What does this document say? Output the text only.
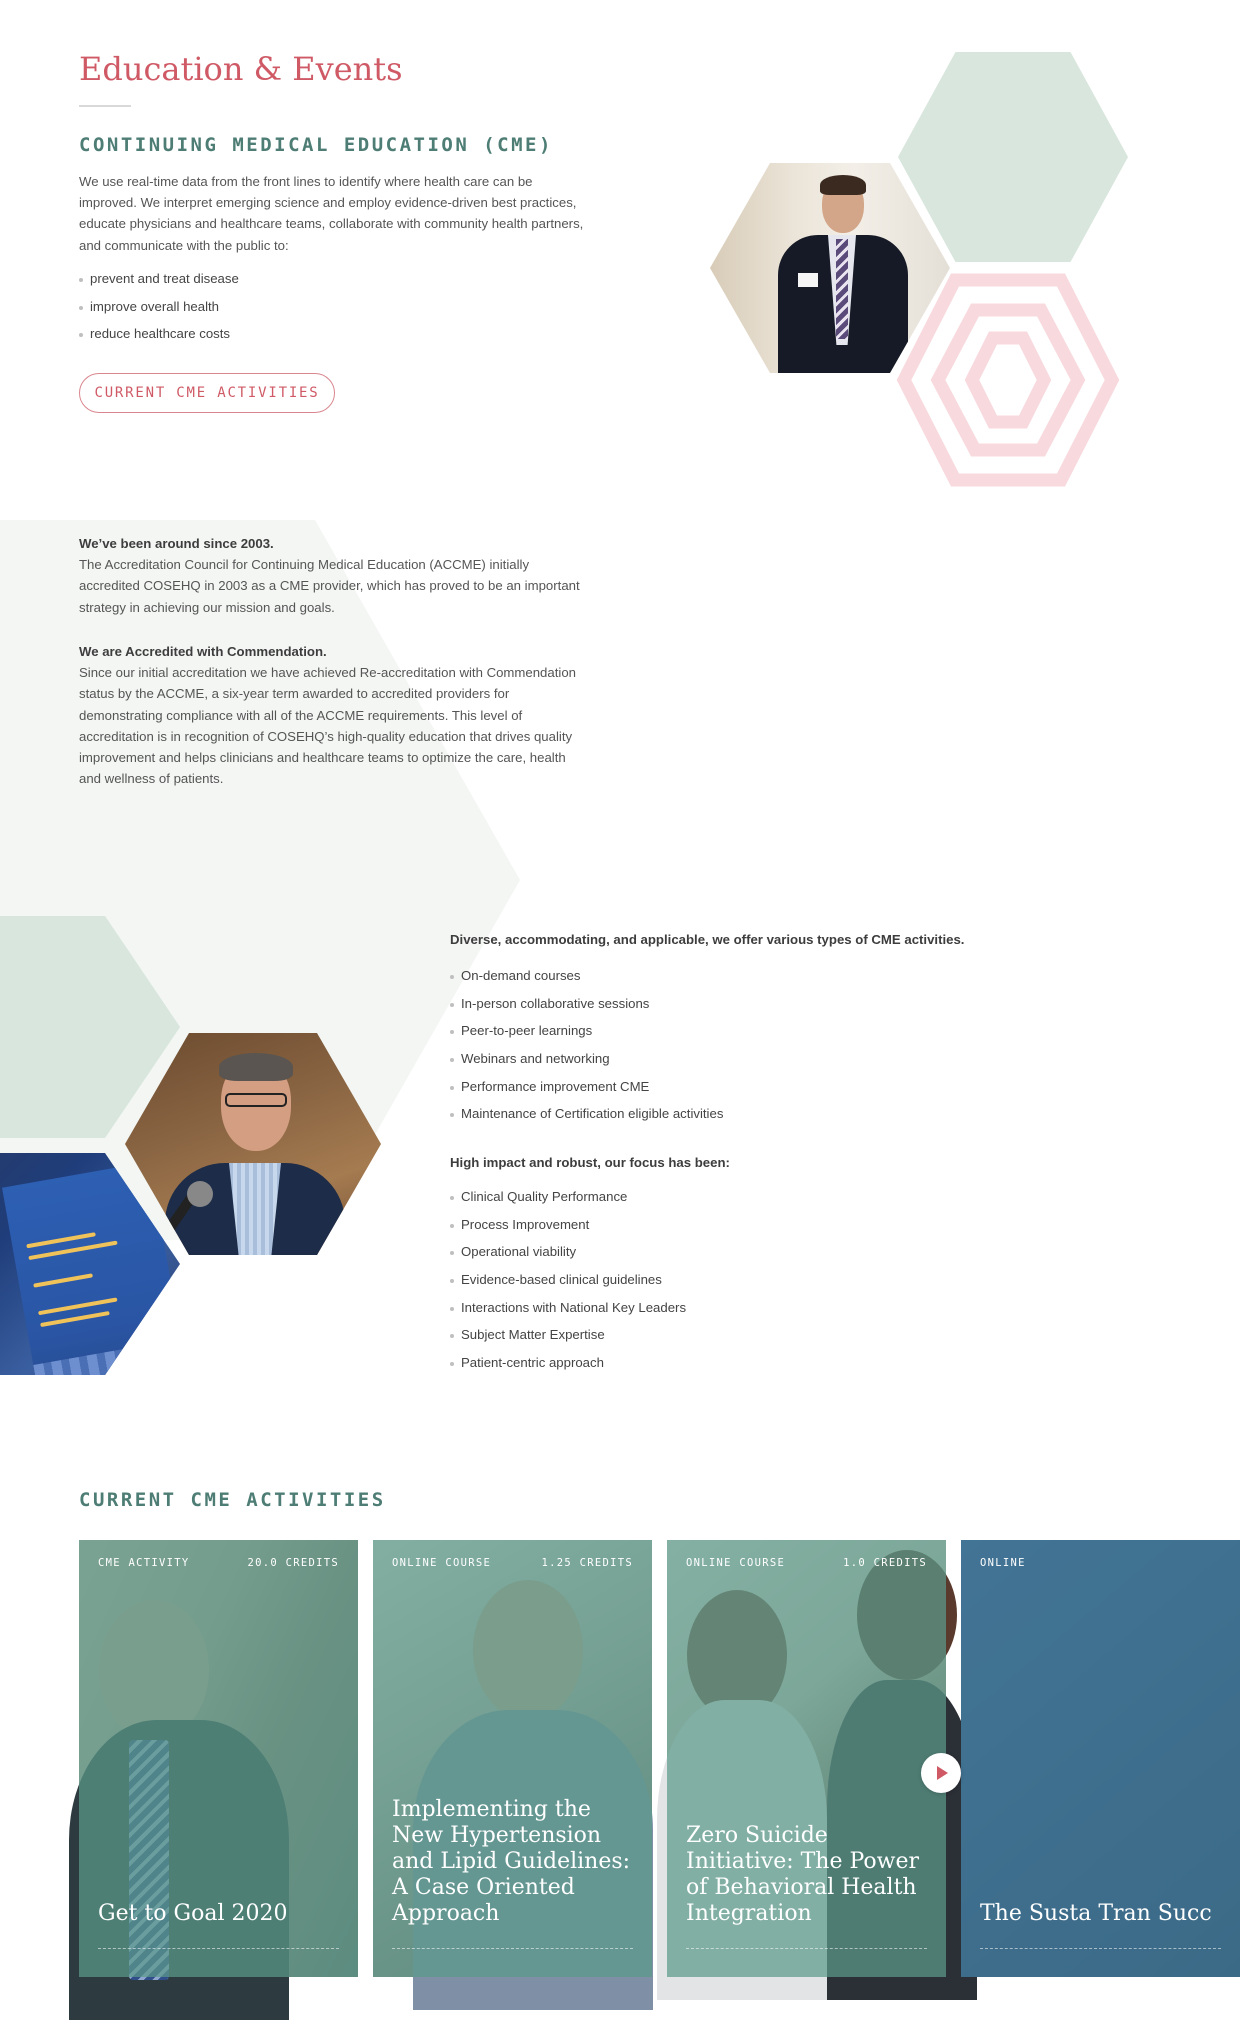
Education & Events
CONTINUING MEDICAL EDUCATION (CME)

We use real-time data from the front lines to identify where health care can be improved. We interpret emerging science and employ evidence-driven best practices, educate physicians and healthcare teams, collaborate with community health partners, and communicate with the public to:

prevent and treat disease
improve overall health
reduce healthcare costs
CURRENT CME ACTIVITIES
We’ve been around since 2003.
The Accreditation Council for Continuing Medical Education (ACCME) initially accredited COSEHQ in 2003 as a CME provider, which has proved to be an important strategy in achieving our mission and goals.
We are Accredited with Commendation.
Since our initial accreditation we have achieved Re-accreditation with Commendation status by the ACCME, a six-year term awarded to accredited providers for demonstrating compliance with all of the ACCME requirements. This level of accreditation is in recognition of COSEHQ’s high-quality education that drives quality improvement and helps clinicians and healthcare teams to optimize the care, health and wellness of patients.

Diverse, accommodating, and applicable, we offer various types of CME activities.

On-demand courses
In-person collaborative sessions
Peer-to-peer learnings
Webinars and networking
Performance improvement CME
Maintenance of Certification eligible activities

High impact and robust, our focus has been:

Clinical Quality Performance
Process Improvement
Operational viability
Evidence-based clinical guidelines
Interactions with National Key Leaders
Subject Matter Expertise
Patient-centric approach
CURRENT CME ACTIVITIES
CME ACTIVITY	20.0 CREDITS
Get to Goal 2020
ONLINE COURSE	1.25 CREDITS
Implementing the New Hypertension and Lipid Guidelines: A Case Oriented Approach
ONLINE COURSE	1.0 CREDITS
Zero Suicide Initiative: The Power of Behavioral Health Integration
ONLINE
The Susta Tran Succ
